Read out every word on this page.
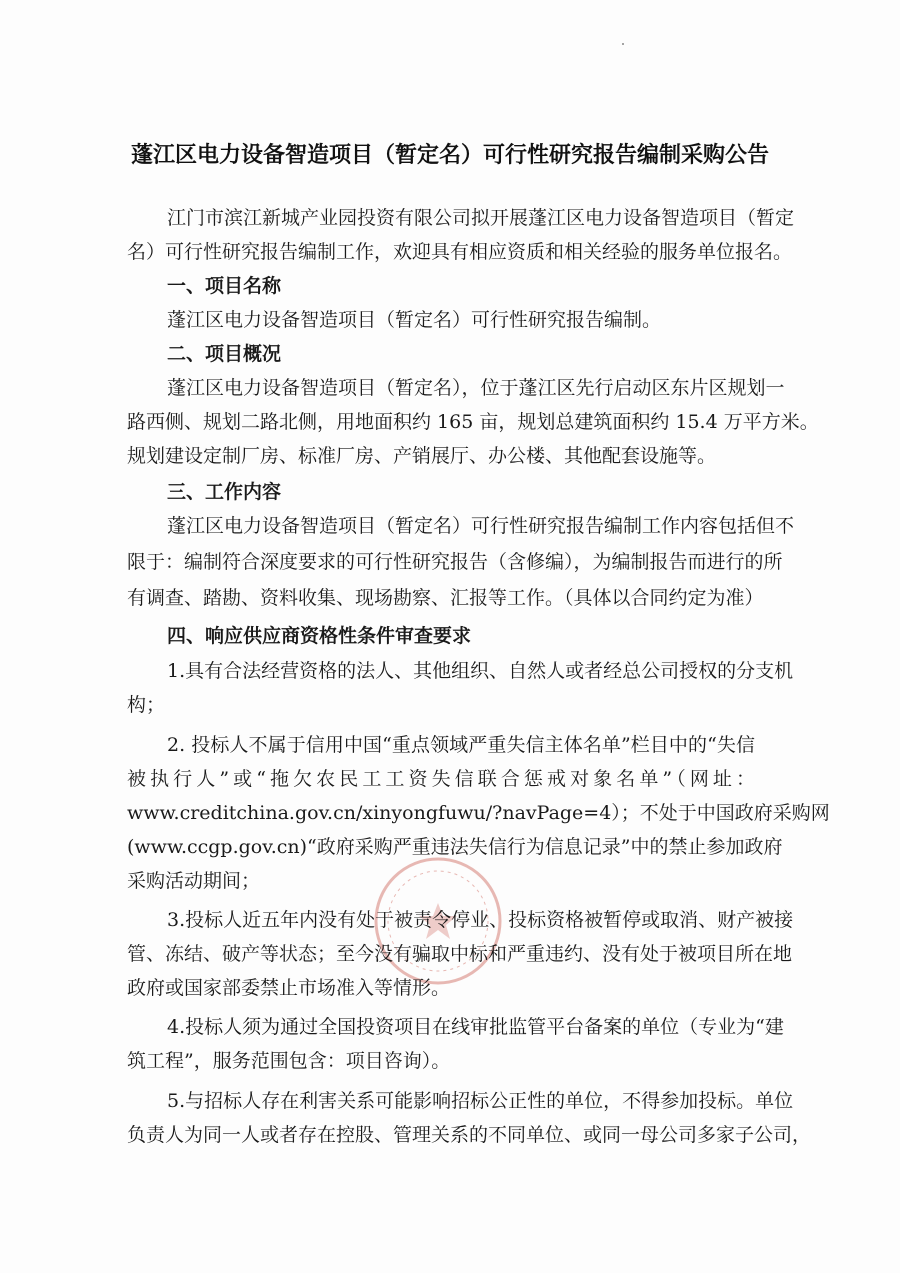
蓬江区电力设备智造项目（暂定名）可行性研究报告编制采购公告
江门市滨江新城产业园投资有限公司拟开展蓬江区电力设备智造项目（暂定
名）可行性研究报告编制工作，欢迎具有相应资质和相关经验的服务单位报名。
一、项目名称
蓬江区电力设备智造项目（暂定名）可行性研究报告编制。
二、项目概况
蓬江区电力设备智造项目（暂定名），位于蓬江区先行启动区东片区规划一
路西侧、规划二路北侧，用地面积约 165 亩，规划总建筑面积约 15.4 万平方米。
规划建设定制厂房、标准厂房、产销展厅、办公楼、其他配套设施等。
三、工作内容
蓬江区电力设备智造项目（暂定名）可行性研究报告编制工作内容包括但不
限于：编制符合深度要求的可行性研究报告（含修编），为编制报告而进行的所
有调查、踏勘、资料收集、现场勘察、汇报等工作。（具体以合同约定为准）
四、响应供应商资格性条件审查要求
1.具有合法经营资格的法人、其他组织、自然人或者经总公司授权的分支机
构；
2. 投标人不属于信用中国“重点领域严重失信主体名单”栏目中的“失信
被执行人”或“拖欠农民工工资失信联合惩戒对象名单”（网址：
www.creditchina.gov.cn/xinyongfuwu/?navPage=4）；不处于中国政府采购网
(www.ccgp.gov.cn)“政府采购严重违法失信行为信息记录”中的禁止参加政府
采购活动期间；
3.投标人近五年内没有处于被责令停业、投标资格被暂停或取消、财产被接
管、冻结、破产等状态；至今没有骗取中标和严重违约、没有处于被项目所在地
政府或国家部委禁止市场准入等情形。
4.投标人须为通过全国投资项目在线审批监管平台备案的单位（专业为“建
筑工程”，服务范围包含：项目咨询）。
5.与招标人存在利害关系可能影响招标公正性的单位，不得参加投标。单位
负责人为同一人或者存在控股、管理关系的不同单位、或同一母公司多家子公司，
